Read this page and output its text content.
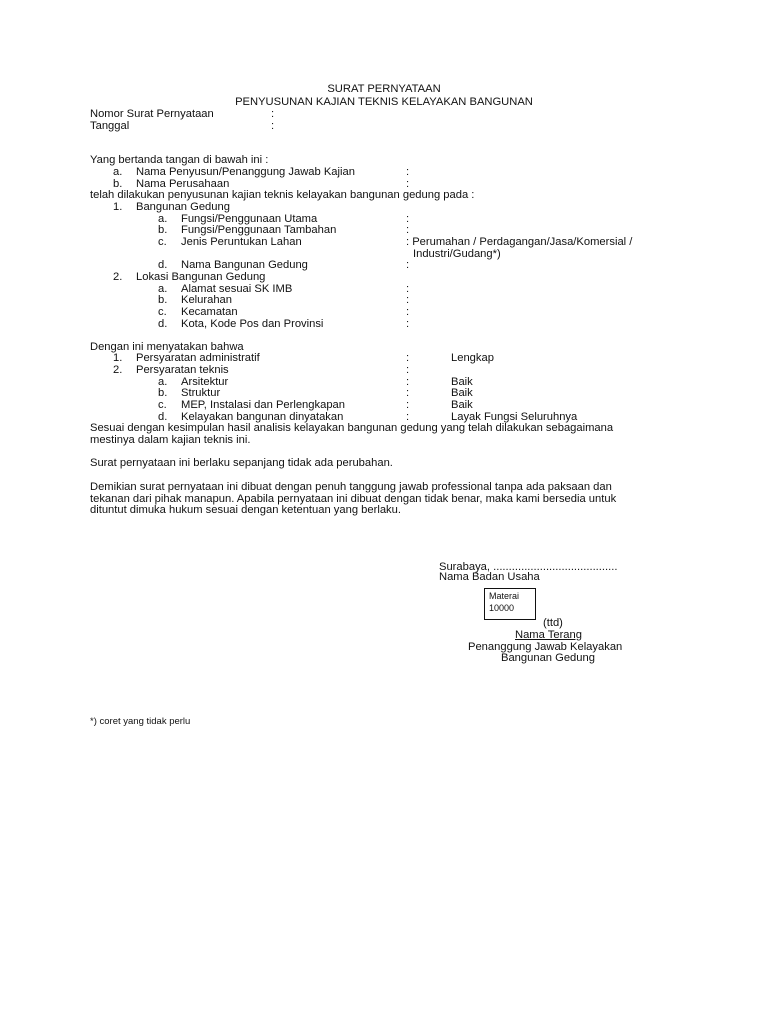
SURAT PERNYATAAN
PENYUSUNAN KAJIAN TEKNIS KELAYAKAN BANGUNAN
Nomor Surat Pernyataan	:
Tanggal	:
Yang bertanda tangan di bawah ini :
a. Nama Penyusun/Penanggung Jawab Kajian	:
b. Nama Perusahaan	:
telah dilakukan penyusunan kajian teknis kelayakan bangunan gedung pada :
1. Bangunan Gedung
a. Fungsi/Penggunaan Utama	:
b. Fungsi/Penggunaan Tambahan	:
c. Jenis Peruntukan Lahan	: Perumahan / Perdagangan/Jasa/Komersial /
Industri/Gudang*)
d. Nama Bangunan Gedung	:
2. Lokasi Bangunan Gedung
a. Alamat sesuai SK IMB	:
b. Kelurahan	:
c. Kecamatan	:
d. Kota, Kode Pos dan Provinsi	:
Dengan ini menyatakan bahwa
1. Persyaratan administratif	:	Lengkap
2. Persyaratan teknis	:
a. Arsitektur	:	Baik
b. Struktur	:	Baik
c. MEP, Instalasi dan Perlengkapan	:	Baik
d. Kelayakan bangunan dinyatakan	:	Layak Fungsi Seluruhnya
Sesuai dengan kesimpulan hasil analisis kelayakan bangunan gedung yang telah dilakukan sebagaimana
mestinya dalam kajian teknis ini.
Surat pernyataan ini berlaku sepanjang tidak ada perubahan.
Demikian surat pernyataan ini dibuat dengan penuh tanggung jawab professional tanpa ada paksaan dan
tekanan dari pihak manapun. Apabila pernyataan ini dibuat dengan tidak benar, maka kami bersedia untuk
dituntut dimuka hukum sesuai dengan ketentuan yang berlaku.
Surabaya, ........................................
Nama Badan Usaha
Materai
10000
(ttd)
Nama Terang
Penanggung Jawab Kelayakan
Bangunan Gedung
*) coret yang tidak perlu
